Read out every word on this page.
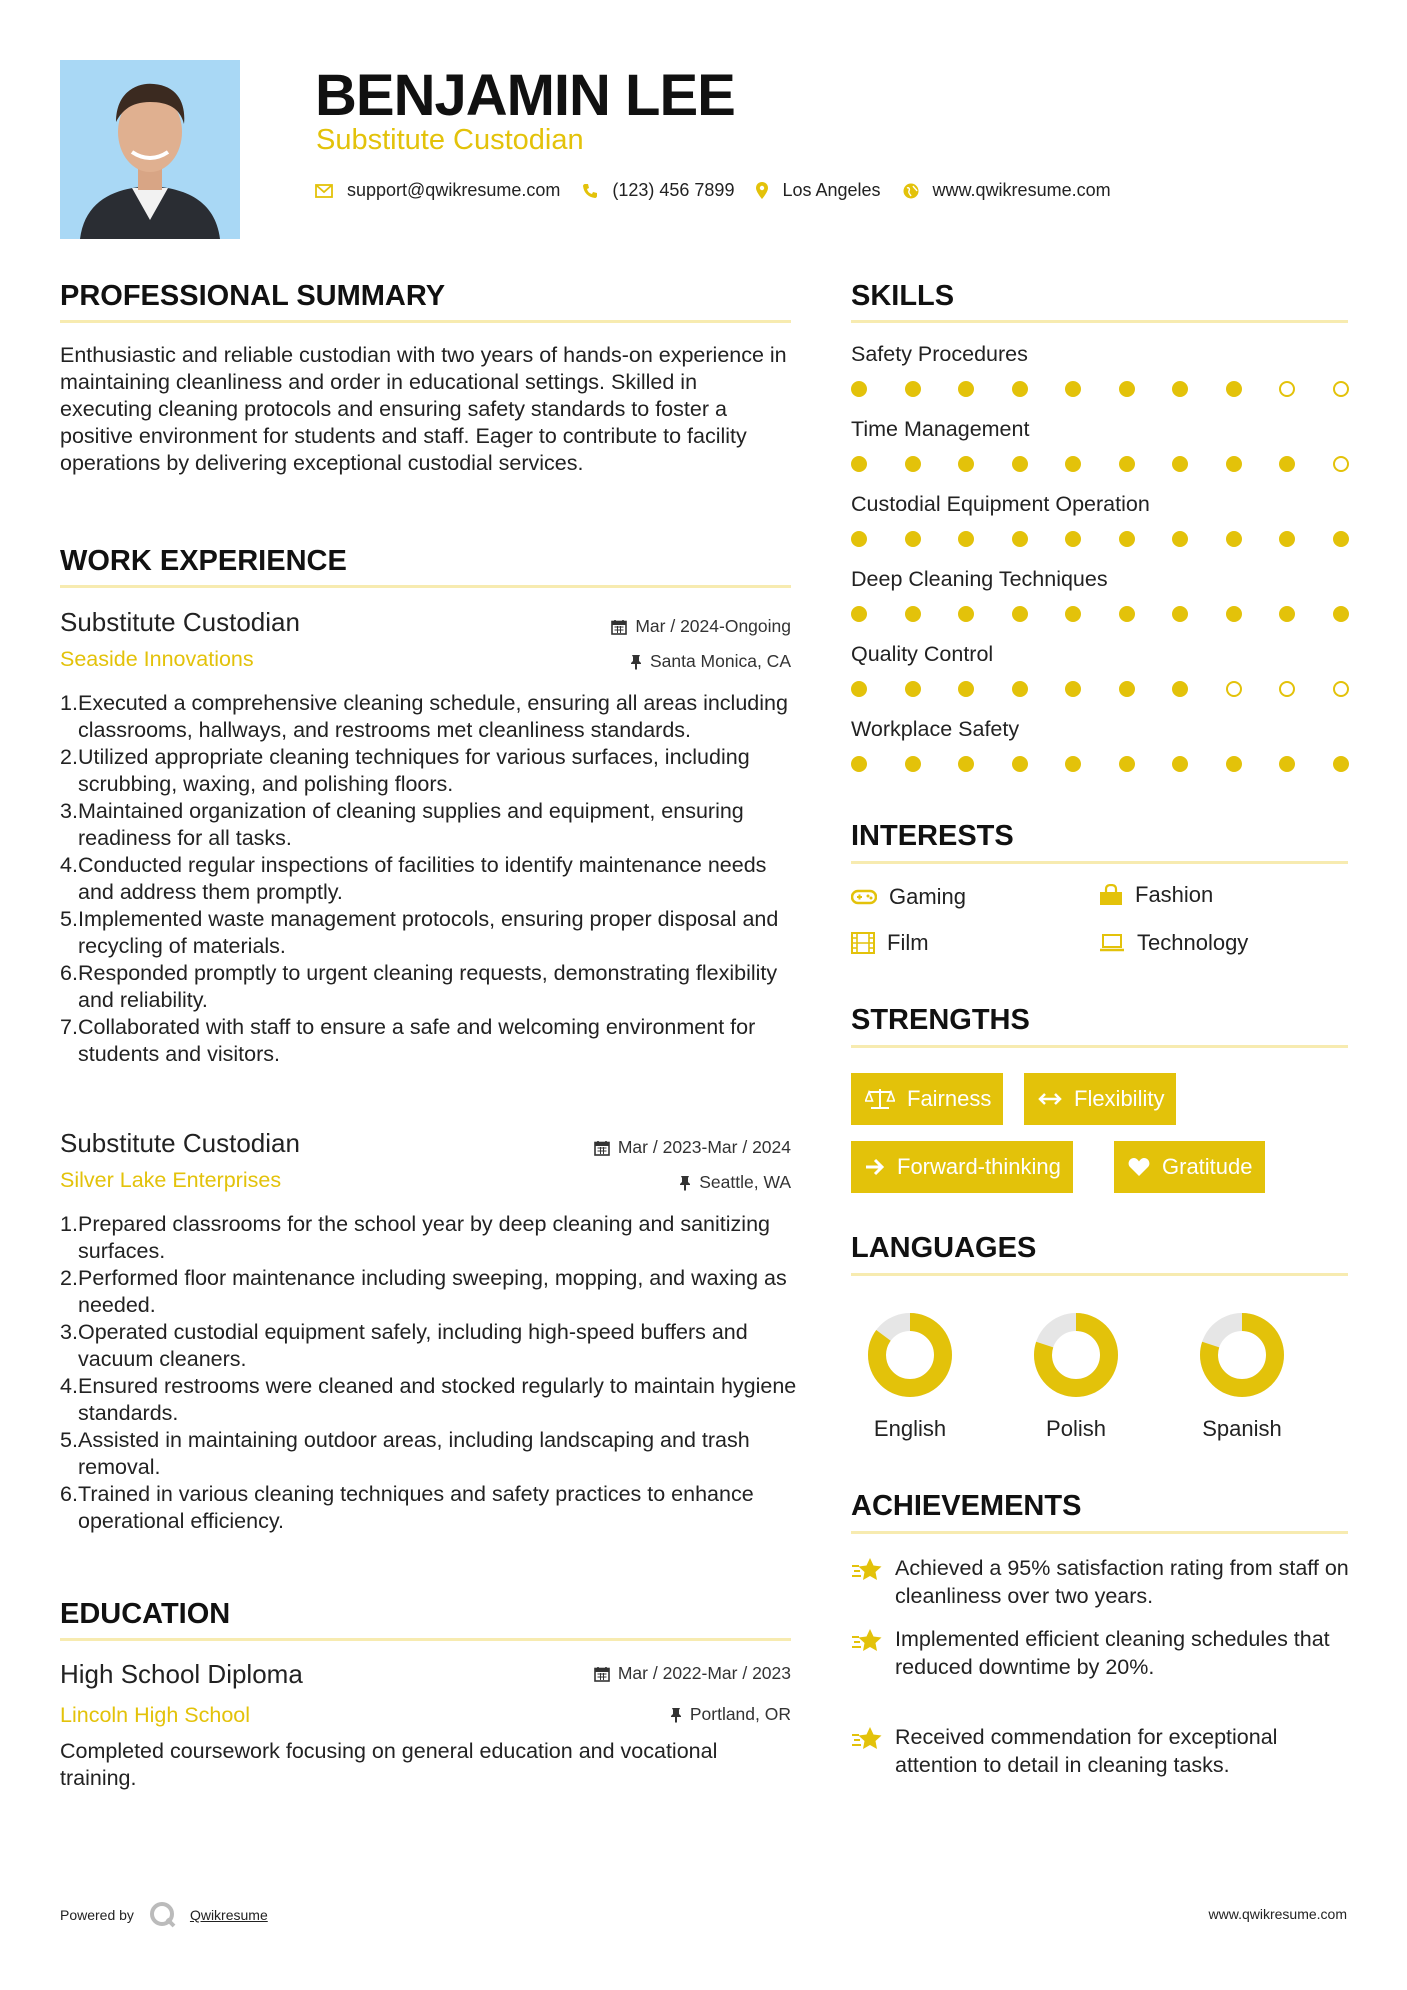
BENJAMIN LEE
Substitute Custodian
support@qwikresume.com	(123) 456 7899	Los Angeles	www.qwikresume.com
PROFESSIONAL SUMMARY
Enthusiastic and reliable custodian with two years of hands-on experience in maintaining cleanliness and order in educational settings. Skilled in executing cleaning protocols and ensuring safety standards to foster a positive environment for students and staff. Eager to contribute to facility operations by delivering exceptional custodial services.
WORK EXPERIENCE
Substitute Custodian	Mar / 2024-Ongoing
Seaside Innovations	Santa Monica, CA
1. Executed a comprehensive cleaning schedule, ensuring all areas including classrooms, hallways, and restrooms met cleanliness standards.
2. Utilized appropriate cleaning techniques for various surfaces, including scrubbing, waxing, and polishing floors.
3. Maintained organization of cleaning supplies and equipment, ensuring readiness for all tasks.
4. Conducted regular inspections of facilities to identify maintenance needs and address them promptly.
5. Implemented waste management protocols, ensuring proper disposal and recycling of materials.
6. Responded promptly to urgent cleaning requests, demonstrating flexibility and reliability.
7. Collaborated with staff to ensure a safe and welcoming environment for students and visitors.
Substitute Custodian	Mar / 2023-Mar / 2024
Silver Lake Enterprises	Seattle, WA
1. Prepared classrooms for the school year by deep cleaning and sanitizing surfaces.
2. Performed floor maintenance including sweeping, mopping, and waxing as needed.
3. Operated custodial equipment safely, including high-speed buffers and vacuum cleaners.
4. Ensured restrooms were cleaned and stocked regularly to maintain hygiene standards.
5. Assisted in maintaining outdoor areas, including landscaping and trash removal.
6. Trained in various cleaning techniques and safety practices to enhance operational efficiency.
EDUCATION
High School Diploma	Mar / 2022-Mar / 2023
Lincoln High School	Portland, OR
Completed coursework focusing on general education and vocational training.
SKILLS
Safety Procedures
Time Management
Custodial Equipment Operation
Deep Cleaning Techniques
Quality Control
Workplace Safety
INTERESTS
Gaming	Fashion
Film	Technology
STRENGTHS
Fairness	Flexibility
Forward-thinking	Gratitude
LANGUAGES
English	Polish	Spanish
ACHIEVEMENTS
Achieved a 95% satisfaction rating from staff on cleanliness over two years.
Implemented efficient cleaning schedules that reduced downtime by 20%.
Received commendation for exceptional attention to detail in cleaning tasks.
Powered by	Qwikresume	www.qwikresume.com
